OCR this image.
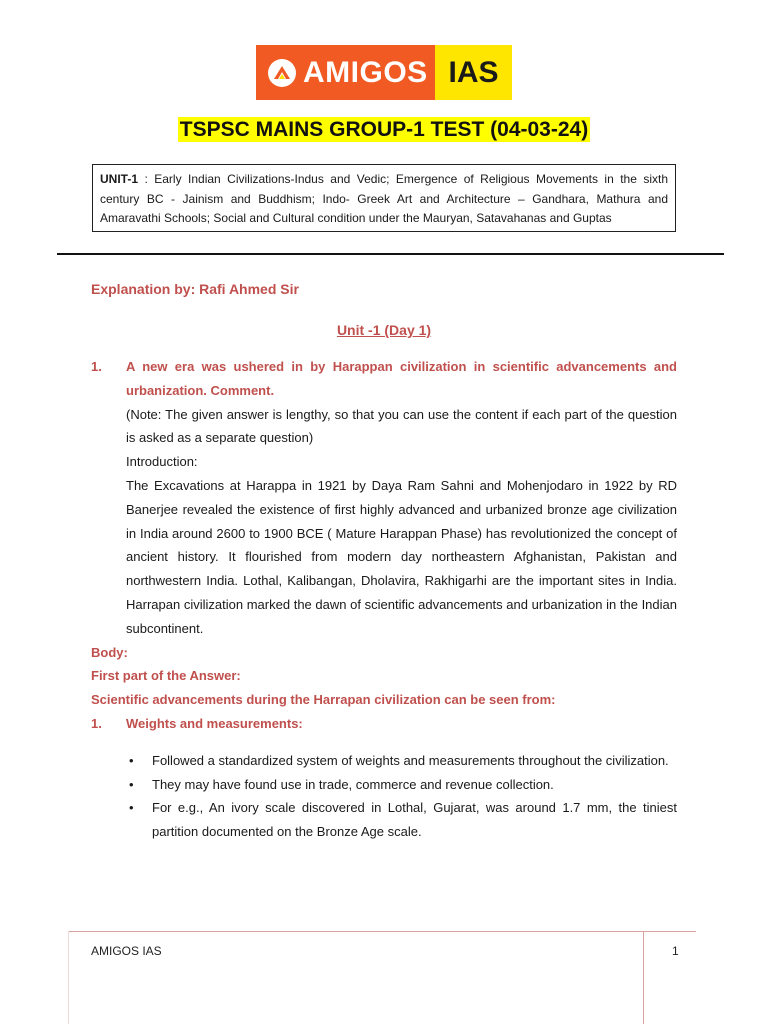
AMIGOS IAS
TSPSC MAINS GROUP-1 TEST (04-03-24)
UNIT-1 : Early Indian Civilizations-Indus and Vedic; Emergence of Religious Movements in the sixth century BC - Jainism and Buddhism; Indo- Greek Art and Architecture – Gandhara, Mathura and Amaravathi Schools; Social and Cultural condition under the Mauryan, Satavahanas and Guptas
Explanation by: Rafi Ahmed Sir
Unit -1 (Day 1)
1.	A new era was ushered in by Harappan civilization in scientific advancements and urbanization. Comment.
(Note: The given answer is lengthy, so that you can use the content if each part of the question is asked as a separate question)
Introduction:
The Excavations at Harappa in 1921 by Daya Ram Sahni and Mohenjodaro in 1922 by RD Banerjee revealed the existence of first highly advanced and urbanized bronze age civilization in India around 2600 to 1900 BCE ( Mature Harappan Phase) has revolutionized the concept of ancient history. It flourished from modern day northeastern Afghanistan, Pakistan and northwestern India. Lothal, Kalibangan, Dholavira, Rakhigarhi are the important sites in India. Harrapan civilization marked the dawn of scientific advancements and urbanization in the Indian subcontinent.
Body:
First part of the Answer:
Scientific advancements during the Harrapan civilization can be seen from:
1.	Weights and measurements:
•	Followed a standardized system of weights and measurements throughout the civilization.
•	They may have found use in trade, commerce and revenue collection.
•	For e.g., An ivory scale discovered in Lothal, Gujarat, was around 1.7 mm, the tiniest partition documented on the Bronze Age scale.
AMIGOS IAS	1
